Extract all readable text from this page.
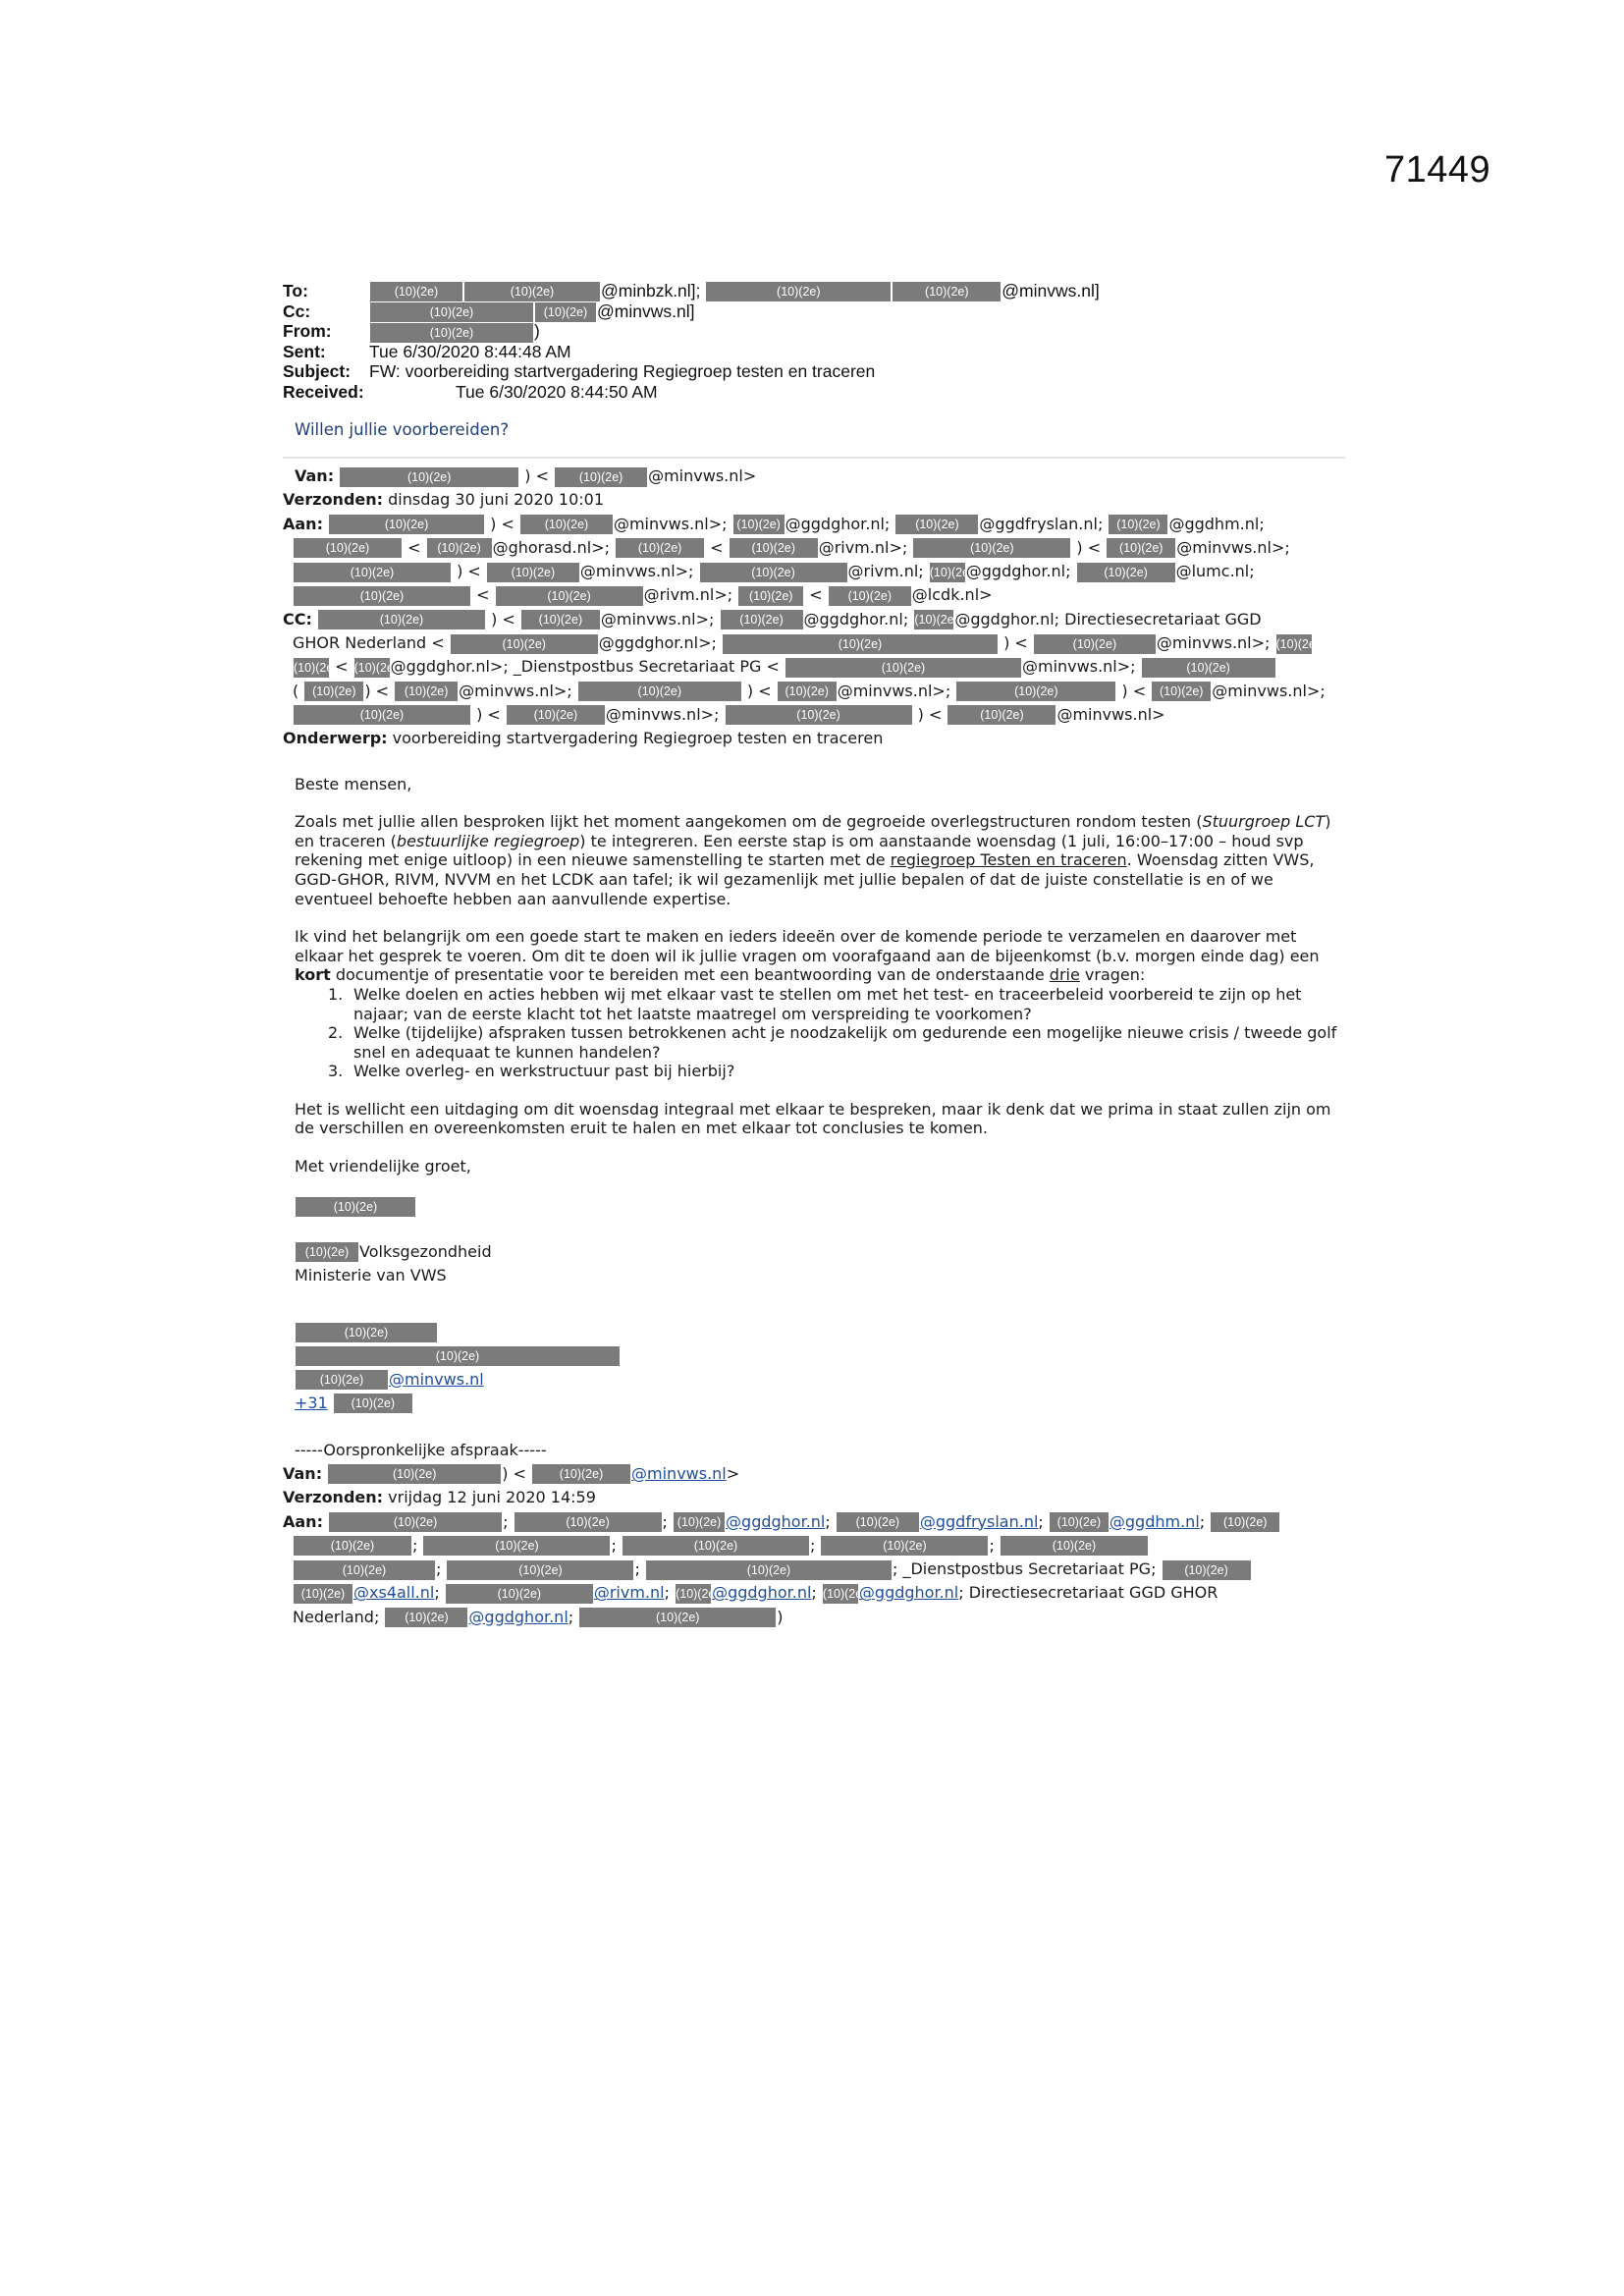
71449
To:	(10)(2e)	(10)(2e)	@minbzk.nl];	(10)(2e)	(10)(2e) @minvws.nl]
Cc:	(10)(2e)	(10)(2e) @minvws.nl]
From:	(10)(2e)	)
Sent:	Tue 6/30/2020 8:44:48 AM
Subject: FW: voorbereiding startvergadering Regiegroep testen en traceren
Received:	Tue 6/30/2020 8:44:50 AM
Willen jullie voorbereiden?
Van:	(10)(2e)	) < (10)(2e) @minvws.nl>
Verzonden: dinsdag 30 juni 2020 10:01
Aan:	(10)(2e)	) < (10)(2e) @minvws.nl>; (10)(2e) @ggdghor.nl; (10)(2e) @ggdfryslan.nl; (10)(2e) @ggdhm.nl;
(10)(2e) < (10)(2e) @ghorasd.nl>; (10)(2e) < (10)(2e) @rivm.nl>;	(10)(2e)	) < (10)(2e) @minvws.nl>;
(10)(2e)	) < (10)(2e) @minvws.nl>;	(10)(2e)	@rivm.nl; (10)(2e)@ggdghor.nl;	(10)(2e) @lumc.nl;
(10)(2e)	<	(10)(2e)	@rivm.nl>; (10)(2e) < (10)(2e) @lcdk.nl>
CC:	(10)(2e)	) < (10)(2e) @minvws.nl>; (10)(2e) @ggdghor.nl; (10)(2e)@ggdghor.nl; Directiesecretariaat GGD
GHOR Nederland <	(10)(2e)	@ggdghor.nl>;	(10)(2e)	) <	(10)(2e)	@minvws.nl>; (10)(2e)
(10)(2e) < (10)(2e)@ggdghor.nl>; _Dienstpostbus Secretariaat PG <	(10)(2e)	@minvws.nl>;	(10)(2e)
( (10)(2e) ) < (10)(2e) @minvws.nl>;	(10)(2e)	) < (10)(2e) @minvws.nl>;	(10)(2e)	) < (10)(2e) @minvws.nl>;
(10)(2e)	) < (10)(2e) @minvws.nl>;	(10)(2e)	) <	(10)(2e) @minvws.nl>
Onderwerp: voorbereiding startvergadering Regiegroep testen en traceren

Beste mensen,

Zoals met jullie allen besproken lijkt het moment aangekomen om de gegroeide overlegstructuren rondom testen (Stuurgroep LCT) en traceren (bestuurlijke regiegroep) te integreren. Een eerste stap is om aanstaande woensdag (1 juli, 16:00–17:00 – houd svp rekening met enige uitloop) in een nieuwe samenstelling te starten met de regiegroep Testen en traceren. Woensdag zitten VWS, GGD-GHOR, RIVM, NVVM en het LCDK aan tafel; ik wil gezamenlijk met jullie bepalen of dat de juiste constellatie is en of we eventueel behoefte hebben aan aanvullende expertise.

Ik vind het belangrijk om een goede start te maken en ieders ideeën over de komende periode te verzamelen en daarover met elkaar het gesprek te voeren. Om dit te doen wil ik jullie vragen om voorafgaand aan de bijeenkomst (b.v. morgen einde dag) een kort documentje of presentatie voor te bereiden met een beantwoording van de onderstaande drie vragen:

1. Welke doelen en acties hebben wij met elkaar vast te stellen om met het test- en traceerbeleid voorbereid te zijn op het najaar; van de eerste klacht tot het laatste maatregel om verspreiding te voorkomen?
2. Welke (tijdelijke) afspraken tussen betrokkenen acht je noodzakelijk om gedurende een mogelijke nieuwe crisis / tweede golf snel en adequaat te kunnen handelen?
3. Welke overleg- en werkstructuur past bij hierbij?

Het is wellicht een uitdaging om dit woensdag integraal met elkaar te bespreken, maar ik denk dat we prima in staat zullen zijn om de verschillen en overeenkomsten eruit te halen en met elkaar tot conclusies te komen.

Met vriendelijke groet,

(10)(2e)
(10)(2e) Volksgezondheid
Ministerie van VWS
(10)(2e)
(10)(2e)
(10)(2e) @minvws.nl
+31 (10)(2e)
-----Oorspronkelijke afspraak-----
Van:	(10)(2e)	) <	(10)(2e) @minvws.nl>
Verzonden: vrijdag 12 juni 2020 14:59
Aan:	(10)(2e)	;	(10)(2e)	; (10)(2e) @ggdghor.nl; (10)(2e) @ggdfryslan.nl; (10)(2e) @ggdhm.nl; (10)(2e)
(10)(2e) ;	(10)(2e)	;	(10)(2e)	;	(10)(2e)	;	(10)(2e)
(10)(2e)	;	(10)(2e)	;	(10)(2e)	; _Dienstpostbus Secretariaat PG; (10)(2e)
(10)(2e) @xs4all.nl;	(10)(2e)	@rivm.nl; (10)(2e)@ggdghor.nl; (10)(2e)@ggdghor.nl; Directiesecretariaat GGD GHOR
Nederland; (10)(2e) @ggdghor.nl;	(10)(2e)	)
